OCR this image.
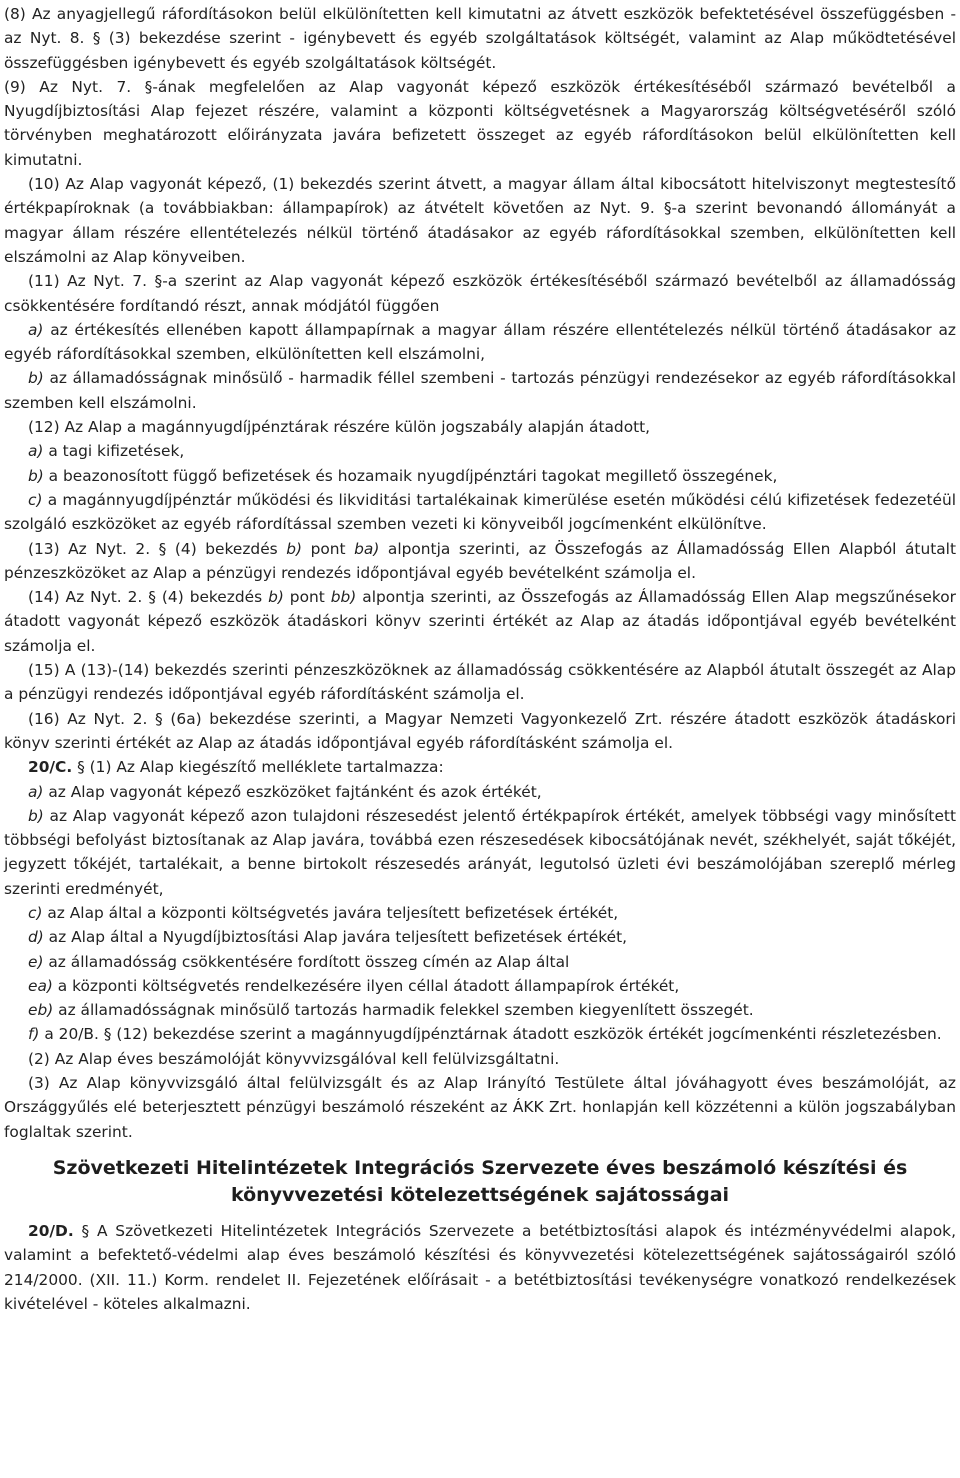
(8) Az anyagjellegű ráfordításokon belül elkülönítetten kell kimutatni az átvett eszközök befektetésével összefüggésben - az Nyt. 8. § (3) bekezdése szerint - igénybevett és egyéb szolgáltatások költségét, valamint az Alap működtetésével összefüggésben igénybevett és egyéb szolgáltatások költségét.

(9) Az Nyt. 7. §-ának megfelelően az Alap vagyonát képező eszközök értékesítéséből származó bevételből a Nyugdíjbiztosítási Alap fejezet részére, valamint a központi költségvetésnek a Magyarország költségvetéséről szóló törvényben meghatározott előirányzata javára befizetett összeget az egyéb ráfordításokon belül elkülönítetten kell kimutatni.

(10) Az Alap vagyonát képező, (1) bekezdés szerint átvett, a magyar állam által kibocsátott hitelviszonyt megtestesítő értékpapíroknak (a továbbiakban: állampapírok) az átvételt követően az Nyt. 9. §-a szerint bevonandó állományát a magyar állam részére ellentételezés nélkül történő átadásakor az egyéb ráfordításokkal szemben, elkülönítetten kell elszámolni az Alap könyveiben.

(11) Az Nyt. 7. §-a szerint az Alap vagyonát képező eszközök értékesítéséből származó bevételből az államadósság csökkentésére fordítandó részt, annak módjától függően

a) az értékesítés ellenében kapott állampapírnak a magyar állam részére ellentételezés nélkül történő átadásakor az egyéb ráfordításokkal szemben, elkülönítetten kell elszámolni,

b) az államadósságnak minősülő - harmadik féllel szembeni - tartozás pénzügyi rendezésekor az egyéb ráfordításokkal szemben kell elszámolni.

(12) Az Alap a magánnyugdíjpénztárak részére külön jogszabály alapján átadott,

a) a tagi kifizetések,

b) a beazonosított függő befizetések és hozamaik nyugdíjpénztári tagokat megillető összegének,

c) a magánnyugdíjpénztár működési és likviditási tartalékainak kimerülése esetén működési célú kifizetések fedezetéül szolgáló eszközöket az egyéb ráfordítással szemben vezeti ki könyveiből jogcímenként elkülönítve.

(13) Az Nyt. 2. § (4) bekezdés b) pont ba) alpontja szerinti, az Összefogás az Államadósság Ellen Alapból átutalt pénzeszközöket az Alap a pénzügyi rendezés időpontjával egyéb bevételként számolja el.

(14) Az Nyt. 2. § (4) bekezdés b) pont bb) alpontja szerinti, az Összefogás az Államadósság Ellen Alap megszűnésekor átadott vagyonát képező eszközök átadáskori könyv szerinti értékét az Alap az átadás időpontjával egyéb bevételként számolja el.

(15) A (13)-(14) bekezdés szerinti pénzeszközöknek az államadósság csökkentésére az Alapból átutalt összegét az Alap a pénzügyi rendezés időpontjával egyéb ráfordításként számolja el.

(16) Az Nyt. 2. § (6a) bekezdése szerinti, a Magyar Nemzeti Vagyonkezelő Zrt. részére átadott eszközök átadáskori könyv szerinti értékét az Alap az átadás időpontjával egyéb ráfordításként számolja el.

20/C. § (1) Az Alap kiegészítő melléklete tartalmazza:

a) az Alap vagyonát képező eszközöket fajtánként és azok értékét,

b) az Alap vagyonát képező azon tulajdoni részesedést jelentő értékpapírok értékét, amelyek többségi vagy minősített többségi befolyást biztosítanak az Alap javára, továbbá ezen részesedések kibocsátójának nevét, székhelyét, saját tőkéjét, jegyzett tőkéjét, tartalékait, a benne birtokolt részesedés arányát, legutolsó üzleti évi beszámolójában szereplő mérleg szerinti eredményét,

c) az Alap által a központi költségvetés javára teljesített befizetések értékét,

d) az Alap által a Nyugdíjbiztosítási Alap javára teljesített befizetések értékét,

e) az államadósság csökkentésére fordított összeg címén az Alap által

ea) a központi költségvetés rendelkezésére ilyen céllal átadott állampapírok értékét,

eb) az államadósságnak minősülő tartozás harmadik felekkel szemben kiegyenlített összegét.

f) a 20/B. § (12) bekezdése szerint a magánnyugdíjpénztárnak átadott eszközök értékét jogcímenkénti részletezésben.

(2) Az Alap éves beszámolóját könyvvizsgálóval kell felülvizsgáltatni.

(3) Az Alap könyvvizsgáló által felülvizsgált és az Alap Irányító Testülete által jóváhagyott éves beszámolóját, az Országgyűlés elé beterjesztett pénzügyi beszámoló részeként az ÁKK Zrt. honlapján kell közzétenni a külön jogszabályban foglaltak szerint.

Szövetkezeti Hitelintézetek Integrációs Szervezete éves beszámoló készítési és könyvvezetési kötelezettségének sajátosságai

20/D. § A Szövetkezeti Hitelintézetek Integrációs Szervezete a betétbiztosítási alapok és intézményvédelmi alapok, valamint a befektető-védelmi alap éves beszámoló készítési és könyvvezetési kötelezettségének sajátosságairól szóló 214/2000. (XII. 11.) Korm. rendelet II. Fejezetének előírásait - a betétbiztosítási tevékenységre vonatkozó rendelkezések kivételével - köteles alkalmazni.
